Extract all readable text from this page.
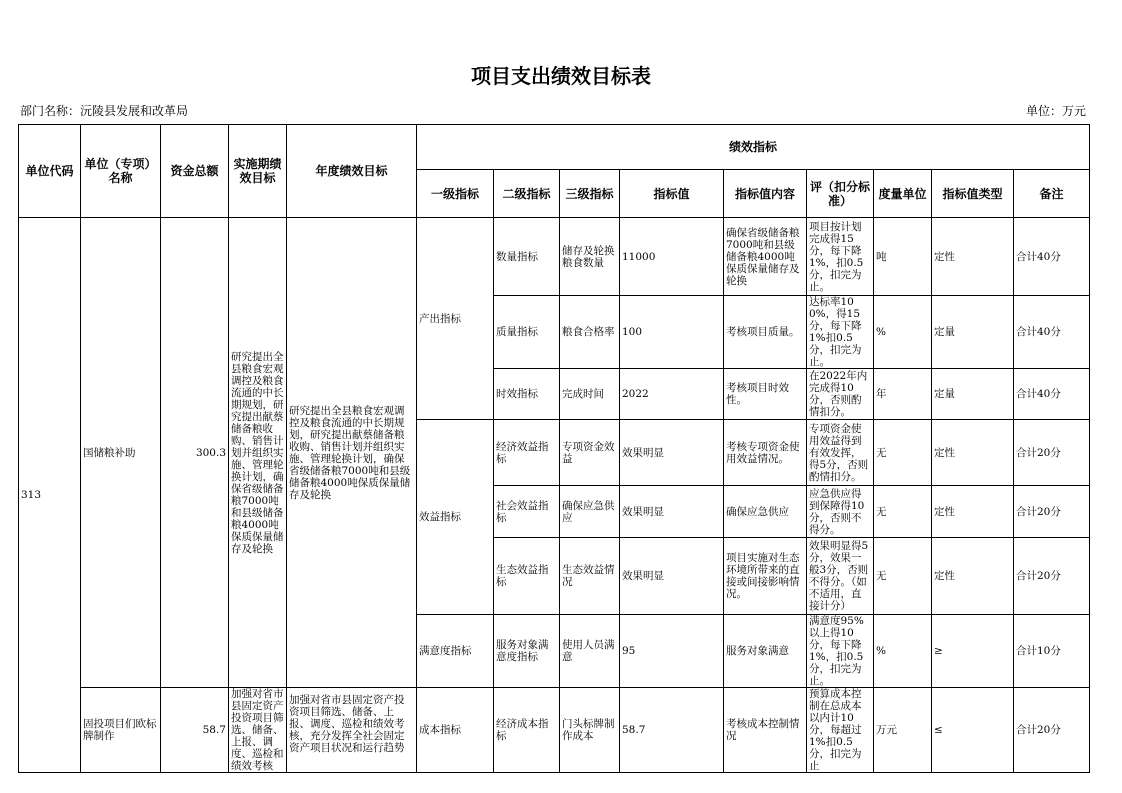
项目支出绩效目标表
部门名称：沅陵县发展和改革局	单位：万元
单位代码	单位（专项）名称	资金总额	实施期绩效目标	年度绩效目标	绩效指标								
					一级指标	二级指标	三级指标	指标值	指标值内容	评（扣分标准）	度量单位	指标值类型	备注
313	国储粮补助	300.3	研究提出全县粮食宏观调控及粮食流通的中长期规划，研究提出献蔡储备粮收购、销售计划并组织实施、管理轮换计划，确保省级储备粮7000吨和县级储备粮4000吨保质保量储存及轮换	研究提出全县粮食宏观调控及粮食流通的中长期规划，研究提出献蔡储备粮收购、销售计划并组织实施、管理轮换计划，确保省级储备粮7000吨和县级储备粮4000吨保质保量储存及轮换	产出指标	数量指标	储存及轮换粮食数量	11000	确保省级储备粮7000吨和县级储备粮4000吨保质保量储存及轮换	项目按计划完成得15分，每下降1%，扣0.5分，扣完为止。	吨	定性	合计40分
						质量指标	粮食合格率	100	考核项目质量。	达标率100%，得15分，每下降1%扣0.5分，扣完为止。	%	定量	合计40分
						时效指标	完成时间	2022	考核项目时效性。	在2022年内完成得10分，否则酌情扣分。	年	定量	合计40分
					效益指标	经济效益指标	专项资金效益	效果明显	考核专项资金使用效益情况。	专项资金使用效益得到有效发挥，得5分，否则酌情扣分。	无	定性	合计20分
						社会效益指标	确保应急供应	效果明显	确保应急供应	应急供应得到保障得10分，否则不得分。	无	定性	合计20分
						生态效益指标	生态效益情况	效果明显	项目实施对生态环境所带来的直接或间接影响情况。	效果明显得5分，效果一般3分，否则不得分。（如不适用，直接计分）	无	定性	合计20分
					满意度指标	服务对象满意度指标	使用人员满意	95	服务对象满意	满意度95%以上得10分，每下降1%，扣0.5分，扣完为止。	%	≥	合计10分
	固投项目们欧标牌制作	58.7	加强对省市县固定资产投资项目筛选、储备、上报、调度、巡检和绩效考核	加强对省市县固定资产投资项目筛选、储备、上报、调度、巡检和绩效考核，充分发挥全社会固定资产项目状况和运行趋势	成本指标	经济成本指标	门头标牌制作成本	58.7	考核成本控制情况	预算成本控制在总成本以内计10分，每超过1%扣0.5分，扣完为止	万元	≤	合计20分
